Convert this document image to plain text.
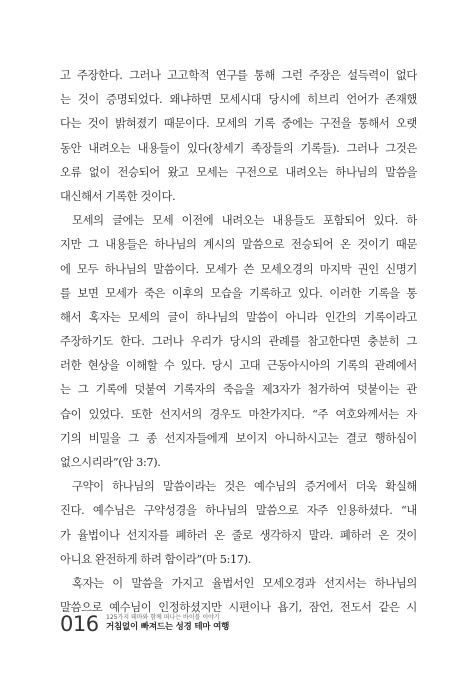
고 주장한다. 그러나 고고학적 연구를 통해 그런 주장은 설득력이 없다
는 것이 증명되었다. 왜냐하면 모세시대 당시에 히브리 언어가 존재했
다는 것이 밝혀졌기 때문이다. 모세의 기록 중에는 구전을 통해서 오랫
동안 내려오는 내용들이 있다(창세기 족장들의 기록들). 그러나 그것은
오류 없이 전승되어 왔고 모세는 구전으로 내려오는 하나님의 말씀을
대신해서 기록한 것이다.
모세의 글에는 모세 이전에 내려오는 내용들도 포함되어 있다. 하
지만 그 내용들은 하나님의 계시의 말씀으로 전승되어 온 것이기 때문
에 모두 하나님의 말씀이다. 모세가 쓴 모세오경의 마지막 권인 신명기
를 보면 모세가 죽은 이후의 모습을 기록하고 있다. 이러한 기록을 통
해서 혹자는 모세의 글이 하나님의 말씀이 아니라 인간의 기록이라고
주장하기도 한다. 그러나 우리가 당시의 관례를 참고한다면 충분히 그
러한 현상을 이해할 수 있다. 당시 고대 근동아시아의 기록의 관례에서
는 그 기록에 덧붙여 기록자의 죽음을 제3자가 첨가하여 덧붙이는 관
습이 있었다. 또한 선지서의 경우도 마찬가지다. “주 여호와께서는 자
기의 비밀을 그 종 선지자들에게 보이지 아니하시고는 결코 행하심이
없으시리라”(암 3:7).
구약이 하나님의 말씀이라는 것은 예수님의 증거에서 더욱 확실해
진다. 예수님은 구약성경을 하나님의 말씀으로 자주 인용하셨다. “내
가 율법이나 선지자를 폐하러 온 줄로 생각하지 말라. 폐하러 온 것이
아니요 완전하게 하려 함이라”(마 5:17).
혹자는 이 말씀을 가지고 율법서인 모세오경과 선지서는 하나님의
말씀으로 예수님이 인정하셨지만 시편이나 욥기, 잠언, 전도서 같은 시
016 125가지 테마와 함께 떠나는 바이블 이야기
거침없이 빠져드는 성경 테마 여행
